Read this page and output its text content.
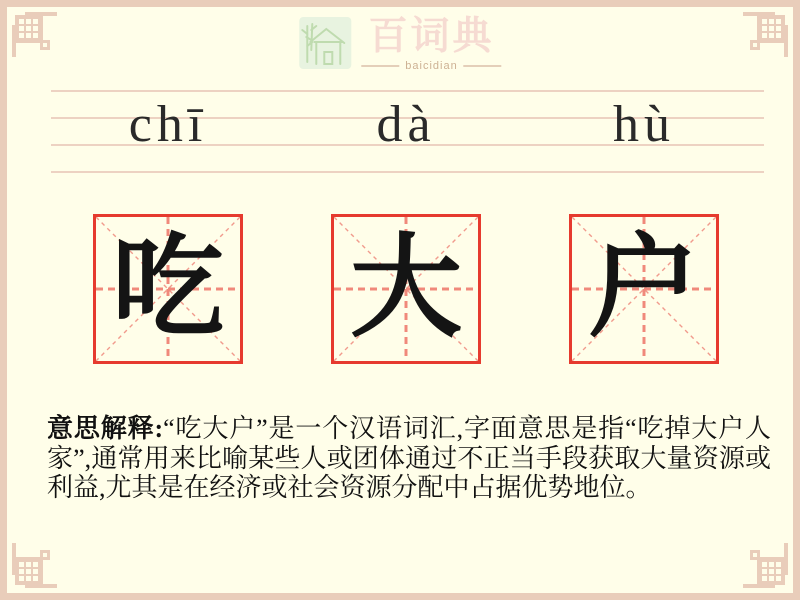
百词典
baicidian
chī	dà	hù
吃 大 户
意思解释:“吃大户”是一个汉语词汇,字面意思是指“吃掉大户人家”,通常用来比喻某些人或团体通过不正当手段获取大量资源或利益,尤其是在经济或社会资源分配中占据优势地位。
